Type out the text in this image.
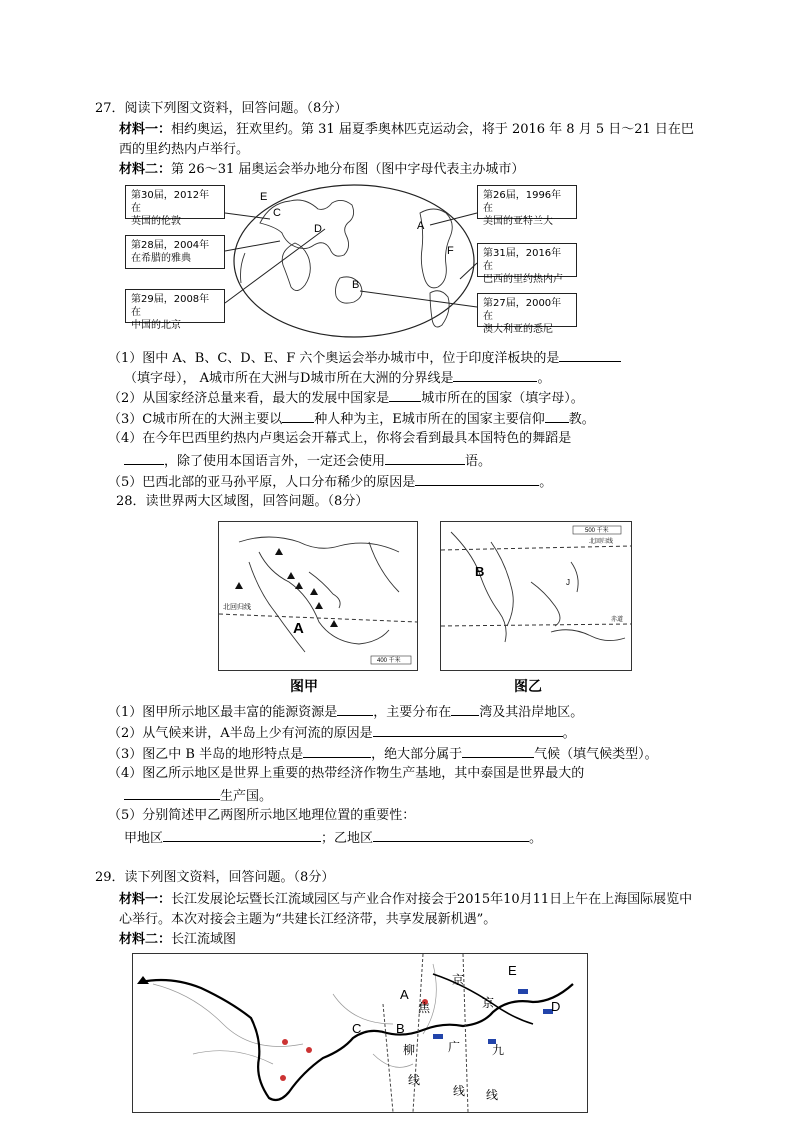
27．阅读下列图文资料，回答问题。（8分）
材料一：相约奥运，狂欢里约。第 31 届夏季奥林匹克运动会，将于 2016 年 8 月 5 日～21 日在巴
西的里约热内卢举行。
材料二：第 26～31 届奥运会举办地分布图（图中字母代表主办城市）
E
C
D	A
B
F
第30届，2012年在
英国的伦敦
第28届，2004年
在希腊的雅典
第29届，2008年在
中国的北京
第26届，1996年在
美国的亚特兰大
第31届，2016年在
巴西的里约热内卢
第27届，2000年在
澳大利亚的悉尼
（1）图中 A、B、C、D、E、F 六个奥运会举办城市中，位于印度洋板块的是
（填字母）， A城市所在大洲与D城市所在大洲的分界线是	。
（2）从国家经济总量来看，最大的发展中国家是 城市所在的国家（填字母）。
（3）C城市所在的大洲主要以 种人种为主，E城市所在的国家主要信仰 教。
（4）在今年巴西里约热内卢奥运会开幕式上，你将会看到最具本国特色的舞蹈是
，除了使用本国语言外，一定还会使用	语。
（5）巴西北部的亚马孙平原，人口分布稀少的原因是	。
28．读世界两大区域图，回答问题。（8分）
A
北回归线
400 千米
图甲
B
J
北回归线
赤道
500 千米
图乙
（1）图甲所示地区最丰富的能源资源是	，主要分布在 湾及其沿岸地区。
（2）从气候来讲，A半岛上少有河流的原因是	。
（3）图乙中 B 半岛的地形特点是	，绝大部分属于	气候（填气候类型）。
（4）图乙所示地区是世界上重要的热带经济作物生产基地，其中泰国是世界最大的
生产国。
（5）分别简述甲乙两图所示地区地理位置的重要性：
甲地区	；乙地区	。
29．读下列图文资料，回答问题。（8分）
材料一：长江发展论坛暨长江流域园区与产业合作对接会于2015年10月11日上午在上海国际展览中
心举行。本次对接会主题为“共建长江经济带，共享发展新机遇”。
材料二：长江流域图
A
B
C
D
E
焦
京
京
柳	广	九
线
线 线
